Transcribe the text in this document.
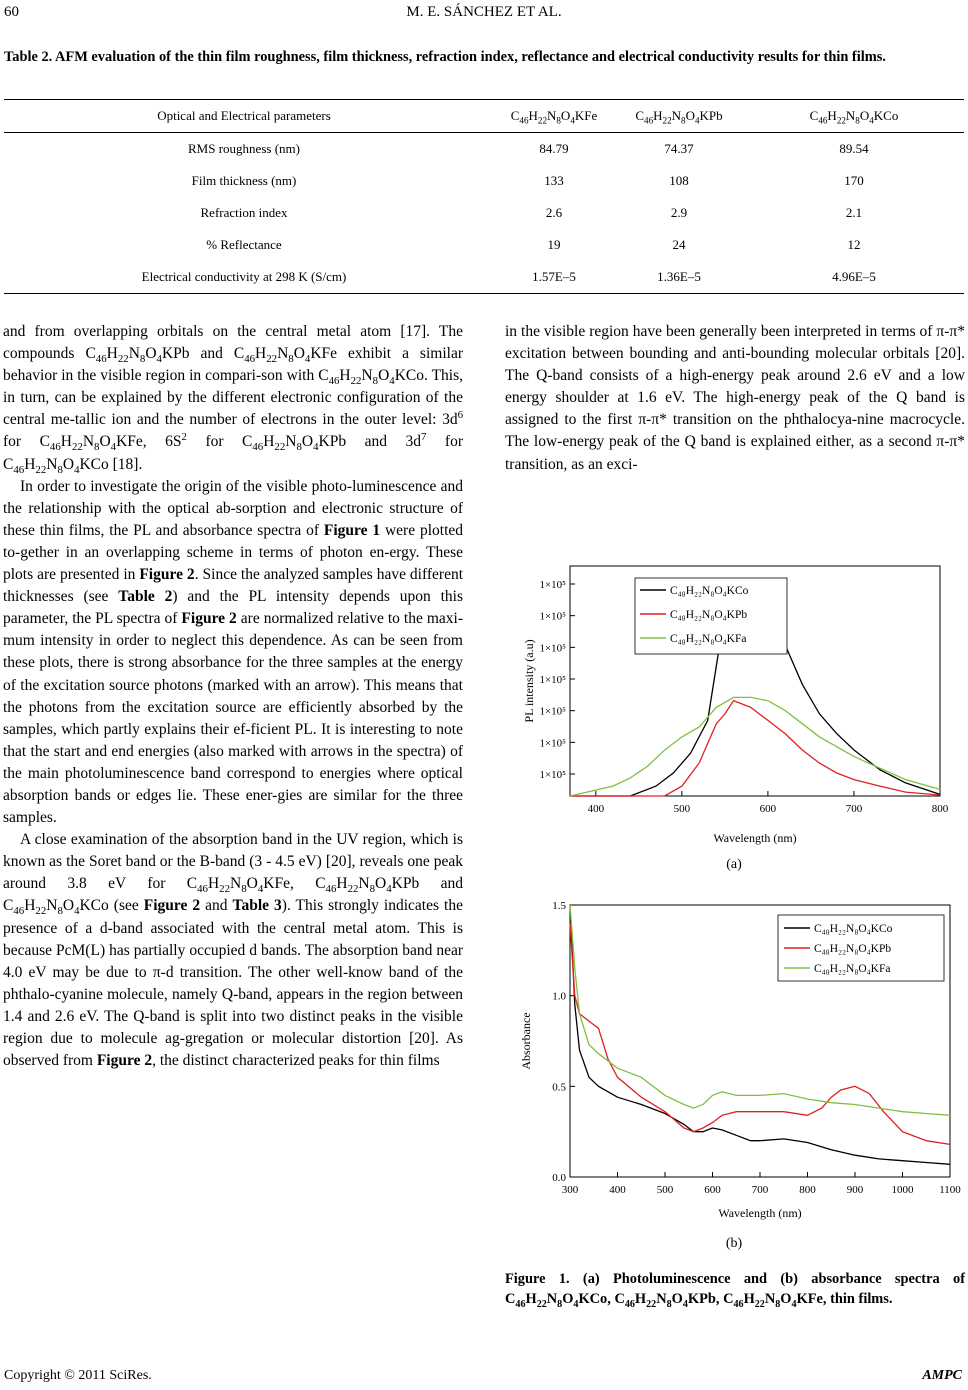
60	M. E. SÁNCHEZ ET AL.
Table 2. AFM evaluation of the thin film roughness, film thickness, refraction index, reflectance and electrical conductivity results for thin films.
Optical and Electrical parameters	$C_{46}H_{22}N_8O_4KFe$	$C_{46}H_{22}N_8O_4KPb$	$C_{46}H_{22}N_8O_4KCo$
RMS roughness (nm)	84.79	74.37	89.54
Film thickness (nm)	133	108	170
Refraction index	2.6	2.9	2.1
% Reflectance	19	24	12
Electrical conductivity at 298 K (S/cm)	1.57E–5	1.36E–5	4.96E–5

and from overlapping orbitals on the central metal atom [17]. The compounds $C_{46}H_{22}N_8O_4KPb$ and $C_{46}H_{22}N_8O_4KFe$ exhibit a similar behavior in the visible region in compari-son with $C_{46}H_{22}N_8O_4KCo$. This, in turn, can be explained by the different electronic configuration of the central me-tallic ion and the number of electrons in the outer level: $3d^6$ for $C_{46}H_{22}N_8O_4KFe$, $6S^2$ for $C_{46}H_{22}N_8O_4KPb$ and $3d^7$ for $C_{46}H_{22}N_8O_4KCo$ [18].

In order to investigate the origin of the visible photo-luminescence and the relationship with the optical ab-sorption and electronic structure of these thin films, the PL and absorbance spectra of Figure 1 were plotted to-gether in an overlapping scheme in terms of photon en-ergy. These plots are presented in Figure 2. Since the analyzed samples have different thicknesses (see Table 2) and the PL intensity depends upon this parameter, the PL spectra of Figure 2 are normalized relative to the maxi-mum intensity in order to neglect this dependence. As can be seen from these plots, there is strong absorbance for the three samples at the energy of the excitation source photons (marked with an arrow). This means that the photons from the excitation source are efficiently absorbed by the samples, which partly explains their ef-ficient PL. It is interesting to note that the start and end energies (also marked with arrows in the spectra) of the main photoluminescence band correspond to energies where optical absorption bands or edges lie. These ener-gies are similar for the three samples.

A close examination of the absorption band in the UV region, which is known as the Soret band or the B-band (3 - 4.5 eV) [20], reveals one peak around 3.8 eV for $C_{46}H_{22}N_8O_4KFe$, $C_{46}H_{22}N_8O_4KPb$ and $C_{46}H_{22}N_8O_4KCo$ (see Figure 2 and Table 3). This strongly indicates the presence of a d-band associated with the central metal atom. This is because PcM(L) has partially occupied d bands. The absorption band near 4.0 eV may be due to π-d transition. The other well-know band of the phthalo-cyanine molecule, namely Q-band, appears in the region between 1.4 and 2.6 eV. The Q-band is split into two distinct peaks in the visible region due to molecule ag-gregation or molecular distortion [20]. As observed from Figure 2, the distinct characterized peaks for thin films

in the visible region have been generally been interpreted in terms of π-π* excitation between bounding and anti-bounding molecular orbitals [20]. The Q-band consists of a high-energy peak around 2.6 eV and a low energy shoulder at 1.6 eV. The high-energy peak of the Q band is assigned to the first π-π* transition on the phthalocya-nine macrocycle. The low-energy peak of the Q band is explained either, as a second π-π* transition, as an exci-

1×10⁵
1×10⁵
1×10⁵
1×10⁵
1×10⁵
1×10⁵
1×10⁵
400	500	600	700	800
C₄₈H₂₂N₈O₄KCo
C₄₈H₂₂N₈O₄KPb
C₄₈H₂₂N₈O₄KFa
Wavelength (nm)
PL intensity (a.u)
(a)
0.0
0.5
1.0
1.5
300	400	500	600	700	800	900	1000 1100
C₄₈H₂₂N₈O₄KCo
C₄₈H₂₂N₈O₄KPb
C₄₈H₂₂N₈O₄KFa
Wavelength (nm)
Absorbance
(b)
Figure 1. (a) Photoluminescence and (b) absorbance spectra of $C_{46}H_{22}N_8O_4KCo$, $C_{46}H_{22}N_8O_4KPb$, $C_{46}H_{22}N_8O_4KFe$, thin films.
Copyright © 2011 SciRes.	AMPC
